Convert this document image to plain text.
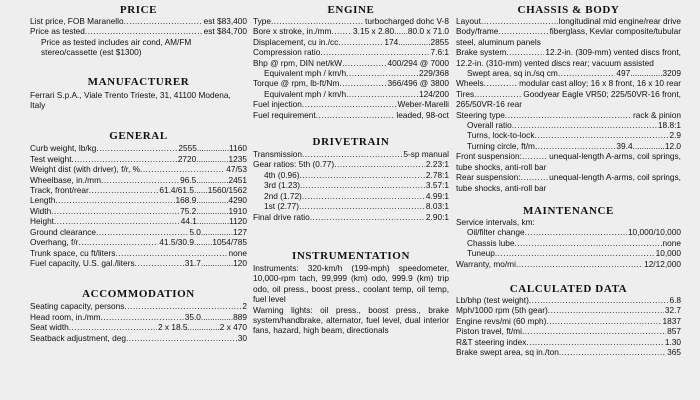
PRICE
List price, FOB Maranello .....	est $83,400
Price as tested .....	est $84,700
Price as tested includes air cond, AM/FM stereo/cassette (est $1300)
MANUFACTURER
Ferrari S.p.A., Viale Trento Trieste, 31, 41100 Modena, Italy
GENERAL
Curb weight, lb/kg .....	2555..............1160
Test weight .....	2720..............1235
Weight dist (with driver), f/r, % .....	47/53
Wheelbase, in./mm .....	96.5..............2451
Track, front/rear .....	61.4/61.5......1560/1562
Length .....	168.9..............4290
Width .....	75.2..............1910
Height .....	44.1..............1120
Ground clearance .....	5.0..............127
Overhang, f/r .....	41.5/30.9........1054/785
Trunk space, cu ft/liters .....	none
Fuel capacity, U.S. gal./liters .....	31.7..............120
ACCOMMODATION
Seating capacity, persons .....	2
Head room, in./mm .....	35.0..............889
Seat width .....	2 x 18.5..............2 x 470
Seatback adjustment, deg .....	30
ENGINE
Type .....	turbocharged dohc V-8
Bore x stroke, in./mm .....	3.15 x 2.80......80.0 x 71.0
Displacement, cu in./cc .....	174..............2855
Compression ratio .....	7.6:1
Bhp @ rpm, DIN net/kW .....	400/294 @ 7000
Equivalent mph / km/h .....	229/368
Torque @ rpm, lb-ft/Nm .....	366/496 @ 3800
Equivalent mph / km/h .....	124/200
Fuel injection .....	Weber-Marelli
Fuel requirement .....	leaded, 98-oct
DRIVETRAIN
Transmission .....	5-sp manual
Gear ratios: 5th (0.77) .....	2.23:1
4th (0.96) .....	2.78:1
3rd (1.23) .....	3.57:1
2nd (1.72) .....	4.99:1
1st (2.77) .....	8.03:1
Final drive ratio .....	2.90:1
INSTRUMENTATION
Instruments: 320-km/h (199-mph) speedometer, 10,000-rpm tach, 99,999 (km) odo, 999.9 (km) trip odo, oil press., boost press., coolant temp, oil temp, fuel level
Warning lights: oil press., boost press., brake system/handbrake, alternator, fuel level, dual interior fans, hazard, high beam, directionals
CHASSIS & BODY
Layout .....	longitudinal mid engine/rear drive
Body/frame .....	fiberglass, Kevlar composite/tubular
steel, aluminum panels
Brake system .....	12.2-in. (309-mm) vented discs front,
12.2-in. (310-mm) vented discs rear; vacuum assisted
Swept area, sq in./sq cm .....	497..............3209
Wheels .....	modular cast alloy; 16 x 8 front, 16 x 10 rear
Tires .....	Goodyear Eagle VR50; 225/50VR-16 front,
265/50VR-16 rear
Steering type .....	rack & pinion
Overall ratio .....	18.8:1
Turns, lock-to-lock .....	2.9
Turning circle, ft/m .....	39.4..............12.0
Front suspension: .....	unequal-length A-arms, coil springs,
tube shocks, anti-roll bar
Rear suspension: .....	unequal-length A-arms, coil springs,
tube shocks, anti-roll bar
MAINTENANCE
Service intervals, km:
Oil/filter change .....	10,000/10,000
Chassis lube .....	none
Tuneup .....	10,000
Warranty, mo/mi .....	12/12,000
CALCULATED DATA
Lb/bhp (test weight) .....	6.8
Mph/1000 rpm (5th gear) .....	32.7
Engine revs/mi (60 mph) .....	1837
Piston travel, ft/mi .....	857
R&T steering index .....	1.30
Brake swept area, sq in./ton .....	365
